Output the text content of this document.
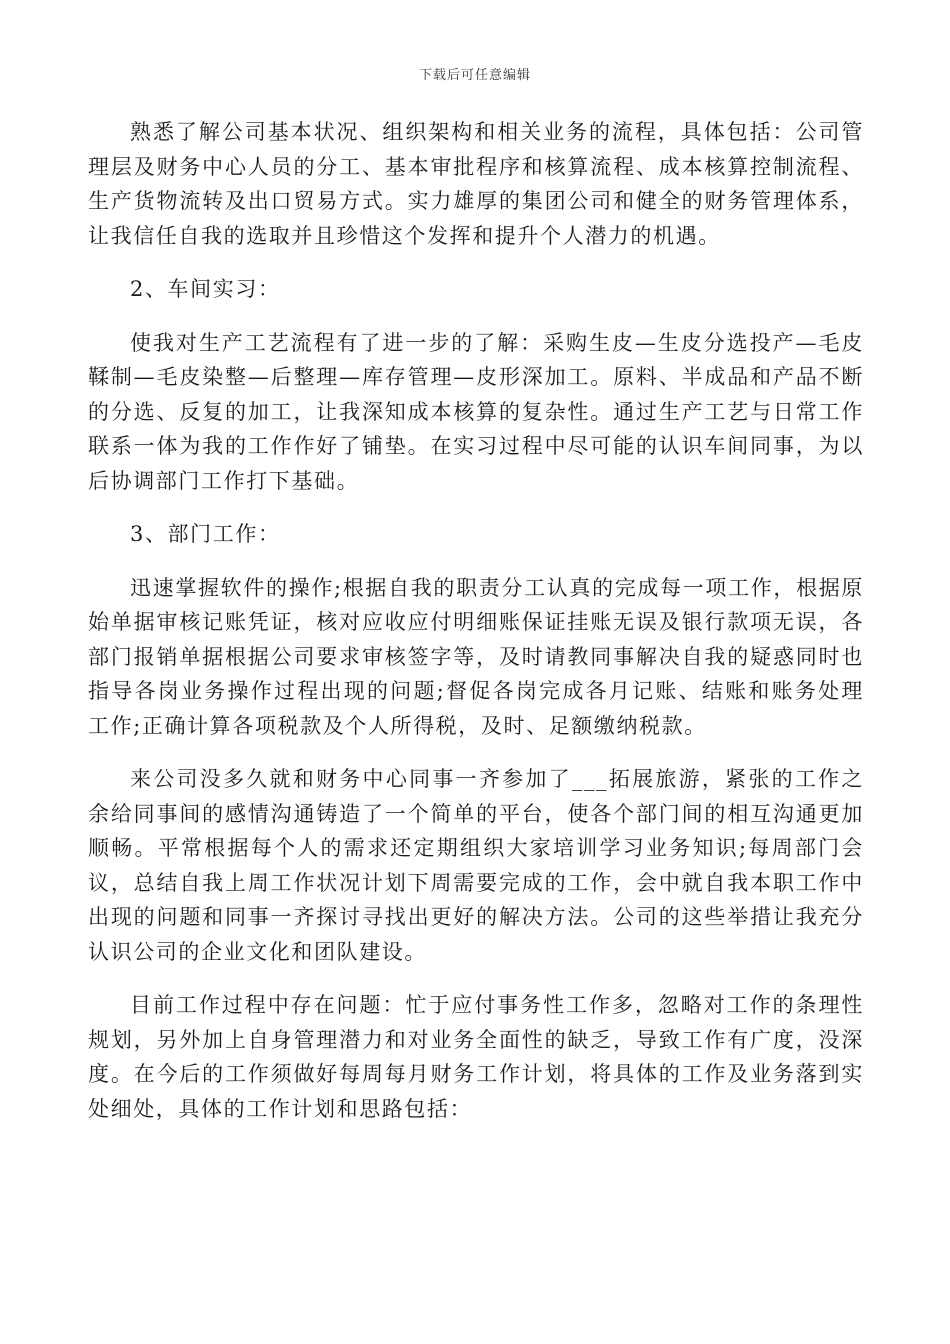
下载后可任意编辑

熟悉了解公司基本状况、组织架构和相关业务的流程，具体包括：公司管理层及财务中心人员的分工、基本审批程序和核算流程、成本核算控制流程、生产货物流转及出口贸易方式。实力雄厚的集团公司和健全的财务管理体系，让我信任自我的选取并且珍惜这个发挥和提升个人潜力的机遇。

2、车间实习：

使我对生产工艺流程有了进一步的了解：采购生皮—生皮分选投产—毛皮鞣制—毛皮染整—后整理—库存管理—皮形深加工。原料、半成品和产品不断的分选、反复的加工，让我深知成本核算的复杂性。通过生产工艺与日常工作联系一体为我的工作作好了铺垫。在实习过程中尽可能的认识车间同事，为以后协调部门工作打下基础。

3、部门工作：

迅速掌握软件的操作;根据自我的职责分工认真的完成每一项工作，根据原始单据审核记账凭证，核对应收应付明细账保证挂账无误及银行款项无误，各部门报销单据根据公司要求审核签字等，及时请教同事解决自我的疑惑同时也指导各岗业务操作过程出现的问题;督促各岗完成各月记账、结账和账务处理工作;正确计算各项税款及个人所得税，及时、足额缴纳税款。

来公司没多久就和财务中心同事一齐参加了___拓展旅游，紧张的工作之余给同事间的感情沟通铸造了一个简单的平台，使各个部门间的相互沟通更加顺畅。平常根据每个人的需求还定期组织大家培训学习业务知识;每周部门会议，总结自我上周工作状况计划下周需要完成的工作，会中就自我本职工作中出现的问题和同事一齐探讨寻找出更好的解决方法。公司的这些举措让我充分认识公司的企业文化和团队建设。

目前工作过程中存在问题：忙于应付事务性工作多，忽略对工作的条理性规划，另外加上自身管理潜力和对业务全面性的缺乏，导致工作有广度，没深度。在今后的工作须做好每周每月财务工作计划，将具体的工作及业务落到实处细处，具体的工作计划和思路包括：
